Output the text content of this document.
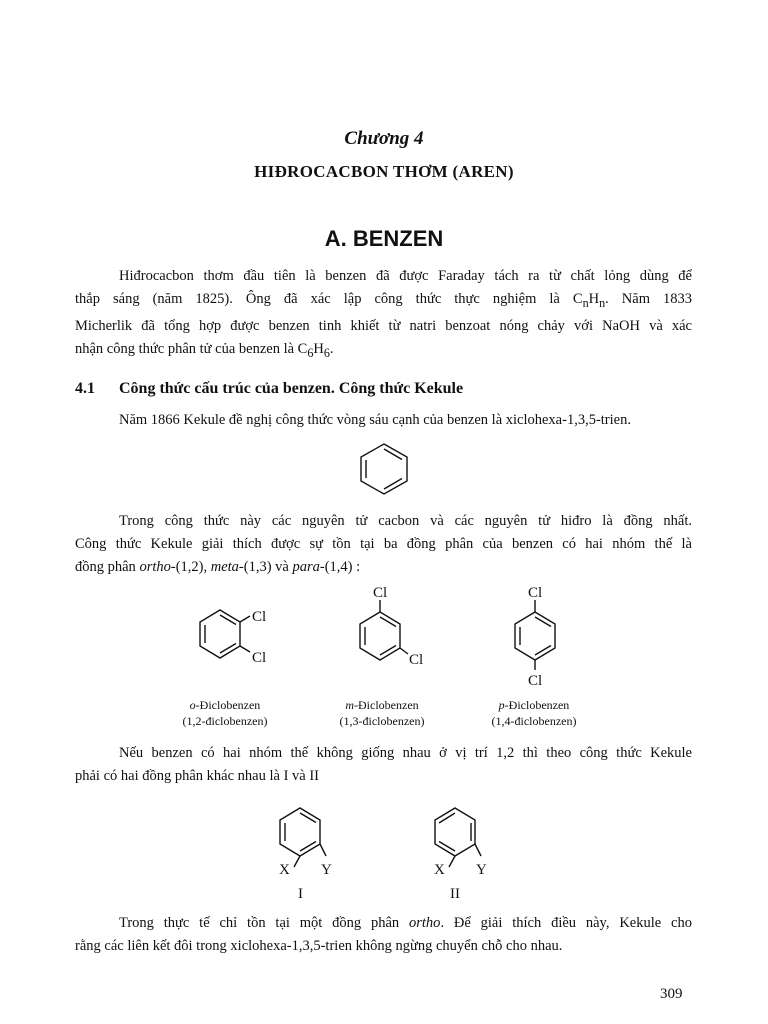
Chương 4
HIĐROCACBON THƠM (AREN)
A. BENZEN
Hiđrocacbon thơm đầu tiên là benzen đã được Faraday tách ra từ chất lỏng dùng để
thắp sáng (năm 1825). Ông đã xác lập công thức thực nghiệm là $C_nH_n$. Năm 1833
Micherlik đã tổng hợp được benzen tinh khiết từ natri benzoat nóng chảy với NaOH và xác
nhận công thức phân tử của benzen là $C_6H_6$.
4.1 Công thức cấu trúc của benzen. Công thức Kekule
Năm 1866 Kekule đề nghị công thức vòng sáu cạnh của benzen là xiclohexa-1,3,5-trien.
Trong công thức này các nguyên tử cacbon và các nguyên tử hiđro là đồng nhất.
Công thức Kekule giải thích được sự tồn tại ba đồng phân của benzen có hai nhóm thế là
đồng phân ortho-(1,2), meta-(1,3) và para-(1,4) :
Cl
Cl
Cl
Cl
Cl
Cl
o-Điclobenzen
(1,2-điclobenzen)
m-Điclobenzen
(1,3-điclobenzen)
p-Điclobenzen
(1,4-điclobenzen)
Nếu benzen có hai nhóm thế không giống nhau ở vị trí 1,2 thì theo công thức Kekule
phải có hai đồng phân khác nhau là I và II
X Y
I
X Y
II
Trong thực tế chỉ tồn tại một đồng phân ortho. Để giải thích điều này, Kekule cho
rằng các liên kết đôi trong xiclohexa-1,3,5-trien không ngừng chuyển chỗ cho nhau.
309
